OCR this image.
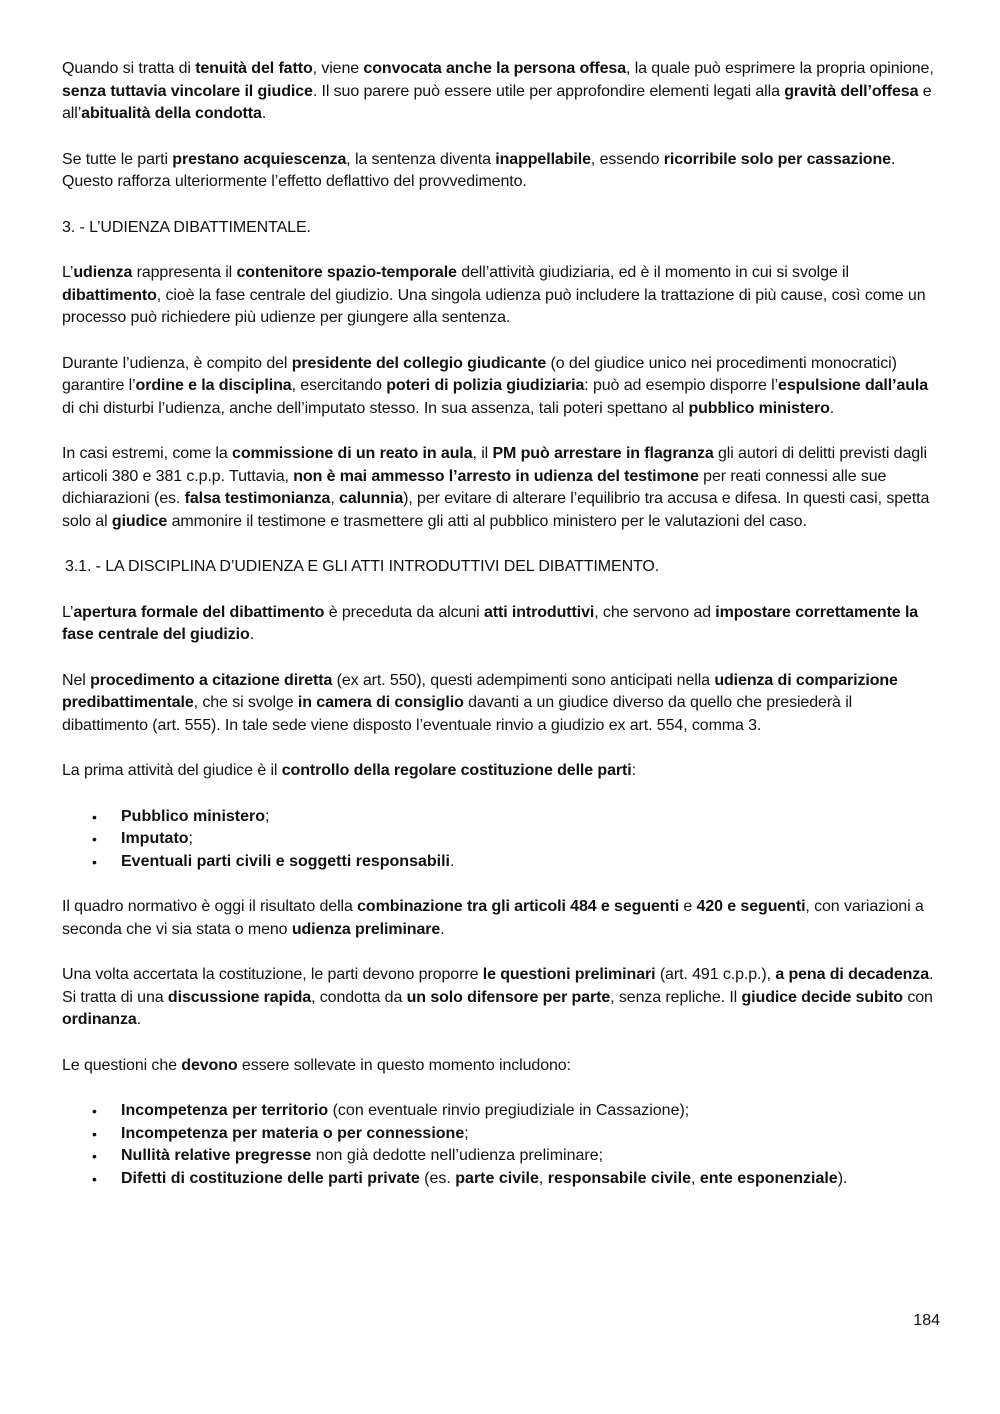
Quando si tratta di tenuità del fatto, viene convocata anche la persona offesa, la quale può esprimere la propria opinione, senza tuttavia vincolare il giudice. Il suo parere può essere utile per approfondire elementi legati alla gravità dell’offesa e all’abitualità della condotta.

Se tutte le parti prestano acquiescenza, la sentenza diventa inappellabile, essendo ricorribile solo per cassazione. Questo rafforza ulteriormente l’effetto deflattivo del provvedimento.

3. - L’UDIENZA DIBATTIMENTALE.

L’udienza rappresenta il contenitore spazio-temporale dell’attività giudiziaria, ed è il momento in cui si svolge il dibattimento, cioè la fase centrale del giudizio. Una singola udienza può includere la trattazione di più cause, così come un processo può richiedere più udienze per giungere alla sentenza.

Durante l’udienza, è compito del presidente del collegio giudicante (o del giudice unico nei procedimenti monocratici) garantire l’ordine e la disciplina, esercitando poteri di polizia giudiziaria: può ad esempio disporre l’espulsione dall’aula di chi disturbi l’udienza, anche dell’imputato stesso. In sua assenza, tali poteri spettano al pubblico ministero.

In casi estremi, come la commissione di un reato in aula, il PM può arrestare in flagranza gli autori di delitti previsti dagli articoli 380 e 381 c.p.p. Tuttavia, non è mai ammesso l’arresto in udienza del testimone per reati connessi alle sue dichiarazioni (es. falsa testimonianza, calunnia), per evitare di alterare l’equilibrio tra accusa e difesa. In questi casi, spetta solo al giudice ammonire il testimone e trasmettere gli atti al pubblico ministero per le valutazioni del caso.

3.1. - LA DISCIPLINA D’UDIENZA E GLI ATTI INTRODUTTIVI DEL DIBATTIMENTO.

L’apertura formale del dibattimento è preceduta da alcuni atti introduttivi, che servono ad impostare correttamente la fase centrale del giudizio.

Nel procedimento a citazione diretta (ex art. 550), questi adempimenti sono anticipati nella udienza di comparizione predibattimentale, che si svolge in camera di consiglio davanti a un giudice diverso da quello che presiederà il dibattimento (art. 555). In tale sede viene disposto l’eventuale rinvio a giudizio ex art. 554, comma 3.

La prima attività del giudice è il controllo della regolare costituzione delle parti:

• Pubblico ministero;
• Imputato;
• Eventuali parti civili e soggetti responsabili.

Il quadro normativo è oggi il risultato della combinazione tra gli articoli 484 e seguenti e 420 e seguenti, con variazioni a seconda che vi sia stata o meno udienza preliminare.

Una volta accertata la costituzione, le parti devono proporre le questioni preliminari (art. 491 c.p.p.), a pena di decadenza. Si tratta di una discussione rapida, condotta da un solo difensore per parte, senza repliche. Il giudice decide subito con ordinanza.

Le questioni che devono essere sollevate in questo momento includono:

• Incompetenza per territorio (con eventuale rinvio pregiudiziale in Cassazione);
• Incompetenza per materia o per connessione;
• Nullità relative pregresse non già dedotte nell’udienza preliminare;
• Difetti di costituzione delle parti private (es. parte civile, responsabile civile, ente esponenziale).
184
